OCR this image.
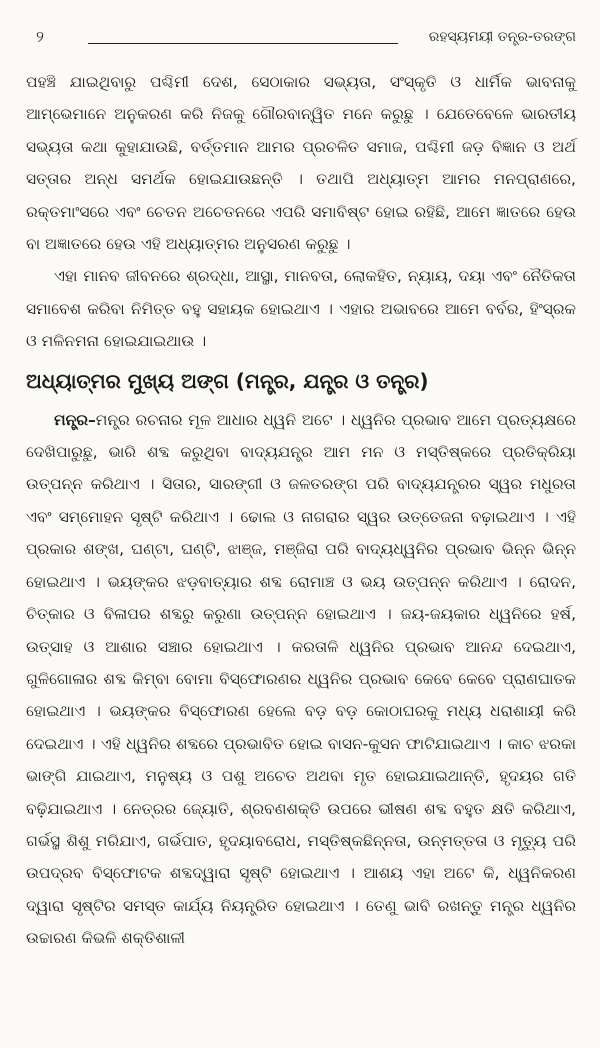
୨	ରହସ୍ୟମୟୀ ତନ୍ତ୍ର-ତରଙ୍ଗ

ପହଞ୍ଚି ଯାଇଥିବାରୁ ପଶ୍ଚିମୀ ଦେଶ, ସେଠାକାର ସଭ୍ୟତା, ସଂସ୍କୃତି ଓ ଧାର୍ମିକ ଭାବନାକୁ ଆମ୍ଭେମାନେ ଅନୁକରଣ କରି ନିଜକୁ ଗୌରବାନ୍ୱିତ ମନେ କରୁଛୁ । ଯେତେବେଳେ ଭାରତୀୟ ସଭ୍ୟତା କଥା କୁହାଯାଉଛି, ବର୍ତ୍ତମାନ ଆମର ପ୍ରଚଳିତ ସମାଜ, ପଶ୍ଚିମୀ ଜଡ଼ ବିଜ୍ଞାନ ଓ ଅର୍ଥ ସତ୍ତାର ଅନ୍ଧ ସମର୍ଥକ ହୋଇଯାଉଛନ୍ତି । ତଥାପି ଅଧ୍ୟାତ୍ମ ଆମର ମନପ୍ରାଣରେ, ରକ୍ତମାଂସରେ ଏବଂ ଚେତନ ଅଚେତନରେ ଏପରି ସମାବିଷ୍ଟ ହୋଇ ରହିଛି, ଆମେ ଜ୍ଞାତରେ ହେଉ ବା ଅଜ୍ଞାତରେ ହେଉ ଏହି ଅଧ୍ୟାତ୍ମର ଅନୁସରଣ କରୁଛୁ ।

ଏହା ମାନବ ଜୀବନରେ ଶ୍ରଦ୍ଧା, ଆସ୍ଥା, ମାନବତା, ଲୋକହିତ, ନ୍ୟାୟ, ଦୟା ଏବଂ ନୈତିକତା ସମାବେଶ କରିବା ନିମିତ୍ତ ବହୁ ସହାୟକ ହୋଇଥାଏ । ଏହାର ଅଭାବରେ ଆମେ ବର୍ବର, ହିଂସ୍ରକ ଓ ମଳିନମନା ହୋଇଯାଇଥାଉ ।

ଅଧ୍ୟାତ୍ମର ମୁଖ୍ୟ ଅଙ୍ଗ (ମନ୍ତ୍ର, ଯନ୍ତ୍ର ଓ ତନ୍ତ୍ର)

ମନ୍ତ୍ର–ମନ୍ତ୍ର ରଚନାର ମୂଳ ଆଧାର ଧ୍ୱନି ଅଟେ । ଧ୍ୱନିର ପ୍ରଭାବ ଆମେ ପ୍ରତ୍ୟକ୍ଷରେ ଦେଖିପାରୁଛୁ, ଭାରି ଶବ୍ଦ କରୁଥିବା ବାଦ୍ୟଯନ୍ତ୍ର ଆମ ମନ ଓ ମସ୍ତିଷ୍କରେ ପ୍ରତିକ୍ରିୟା ଉତ୍ପନ୍ନ କରିଥାଏ । ସିତାର, ସାରଙ୍ଗୀ ଓ ଜଳତରଙ୍ଗ ପରି ବାଦ୍ୟଯନ୍ତ୍ରର ସ୍ୱର ମଧୁରତା ଏବଂ ସମ୍ମୋହନ ସୃଷ୍ଟି କରିଥାଏ । ଢୋଲ ଓ ନାଗରାର ସ୍ୱର ଉତ୍ତେଜନା ବଢ଼ାଇଥାଏ । ଏହି ପ୍ରକାର ଶଙ୍ଖ, ଘଣ୍ଟା, ଘଣ୍ଟି, ଝାଞ୍ଜ, ମଞ୍ଜିରା ପରି ବାଦ୍ୟଧ୍ୱନିର ପ୍ରଭାବ ଭିନ୍ନ ଭିନ୍ନ ହୋଇଥାଏ । ଭୟଙ୍କର ଝଡ଼ବାତ୍ୟାର ଶବ୍ଦ ରୋମାଞ୍ଚ ଓ ଭୟ ଉତ୍ପନ୍ନ କରିଥାଏ । ରୋଦନ, ଚିତ୍କାର ଓ ବିଳାପର ଶବ୍ଦରୁ କରୁଣା ଉତ୍ପନ୍ନ ହୋଇଥାଏ । ଜୟ-ଜୟକାର ଧ୍ୱନିରେ ହର୍ଷ, ଉତ୍ସାହ ଓ ଆଶାର ସଞ୍ଚାର ହୋଇଥାଏ । କରତାଳି ଧ୍ୱନିର ପ୍ରଭାବ ଆନନ୍ଦ ଦେଇଥାଏ, ଗୁଳିଗୋଳାର ଶବ୍ଦ କିମ୍ବା ବୋମା ବିସ୍ଫୋରଣର ଧ୍ୱନିର ପ୍ରଭାବ କେବେ କେବେ ପ୍ରାଣଘାତକ ହୋଇଥାଏ । ଭୟଙ୍କର ବିସ୍ଫୋରଣ ହେଲେ ବଡ଼ ବଡ଼ କୋଠାଘରକୁ ମଧ୍ୟ ଧରାଶାୟୀ କରି ଦେଇଥାଏ । ଏହି ଧ୍ୱନିର ଶବ୍ଦରେ ପ୍ରଭାବିତ ହୋଇ ବାସନ-କୁସନ ଫାଟିଯାଇଥାଏ । କାଚ ଝରକା ଭାଙ୍ଗି ଯାଇଥାଏ, ମନୁଷ୍ୟ ଓ ପଶୁ ଅଚେତ ଅଥବା ମୃତ ହୋଇଯାଇଥାନ୍ତି, ହୃଦୟର ଗତି ବଢ଼ିଯାଇଥାଏ । ନେତ୍ରର ଜ୍ୟୋତି, ଶ୍ରବଣଶକ୍ତି ଉପରେ ଭୀଷଣ ଶବ୍ଦ ବହୁତ କ୍ଷତି କରିଥାଏ, ଗର୍ଭସ୍ଥ ଶିଶୁ ମରିଯାଏ, ଗର୍ଭପାତ, ହୃଦୟାବରୋଧ, ମସ୍ତିଷ୍କଛିନ୍ନତା, ଉନ୍ମତ୍ତତା ଓ ମୃତ୍ୟୁ ପରି ଉପଦ୍ରବ ବିସ୍ଫୋଟକ ଶବ୍ଦଦ୍ୱାରା ସୃଷ୍ଟି ହୋଇଥାଏ । ଆଶୟ ଏହା ଅଟେ କି, ଧ୍ୱନିକରଣ ଦ୍ୱାରା ସୃଷ୍ଟିର ସମସ୍ତ କାର୍ଯ୍ୟ ନିୟନ୍ତ୍ରିତ ହୋଇଥାଏ । ତେଣୁ ଭାବି ରଖନ୍ତୁ ମନ୍ତ୍ର ଧ୍ୱନିର ଉଚ୍ଚାରଣ କିଭଳି ଶକ୍ତିଶାଳୀ
